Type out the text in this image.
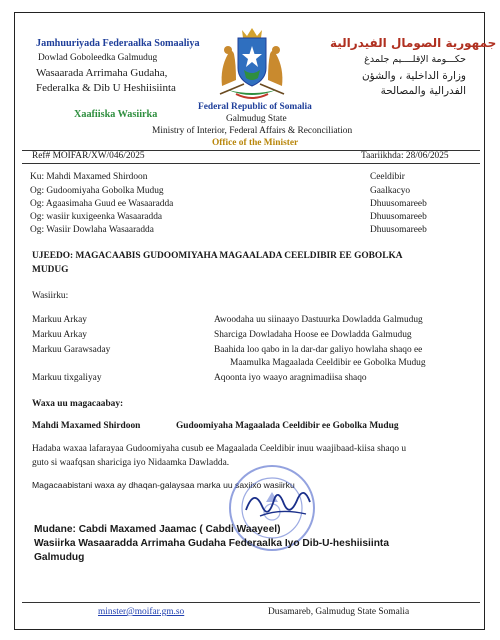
Jamhuuriyada Federaalka Somaaliya
Dowlad Goboleedka Galmudug
Wasaarada Arrimaha Gudaha,
Federalka & Dib U Heshiisiinta
Xaafiiska Wasiirka
جمهورية الصومال الفيدرالية
حكـــومة الإقلــــيم جلمدغ
وزارة الداخلية ، والشؤن
الفدرالية والمصالحة
Federal Republic of Somalia
Galmudug State
Ministry of Interior, Federal Affairs & Reconciliation
Office of the Minister
Ref# MOIFAR/XW/046/2025	Taariikhda: 28/06/2025
Ku: Mahdi Maxamed Shirdoon	Ceeldibir
Og: Gudoomiyaha Gobolka Mudug	Gaalkacyo
Og: Agaasimaha Guud ee Wasaaradda	Dhuusomareeb
Og: wasiir kuxigeenka Wasaaradda	Dhuusomareeb
Og: Wasiir Dowlaha Wasaaradda	Dhuusomareeb
UJEEDO: MAGACAABIS GUDOOMIYAHA MAGAALADA CEELDIBIR EE GOBOLKA
MUDUG
Wasiirku:
Markuu Arkay	Awoodaha uu siinaayo Dastuurka Dowladda Galmudug
Markuu Arkay	Sharciga Dowladaha Hoose ee Dowladda Galmudug
Markuu Garawsaday	Baahida loo qabo in la dar-dar galiyo howlaha shaqo ee
Maamulka Magaalada Ceeldibir ee Gobolka Mudug
Markuu tixgaliyay	Aqoonta iyo waayo aragnimadiisa shaqo
Waxa uu magacaabay:
Mahdi Maxamed Shirdoon	Gudoomiyaha Magaalada Ceeldibir ee Gobolka Mudug
Hadaba waxaa lafarayaa Gudoomiyaha cusub ee Magaalada Ceeldibir inuu waajibaad-kiisa shaqo u
guto si waafqsan shariciga iyo Nidaamka Dawladda.
Magacaabistani waxa ay dhaqan-galaysaa marka uu saxiixo wasiirku
Mudane: Cabdi Maxamed Jaamac ( Cabdi Waayeel)
Wasiirka Wasaaradda Arrimaha Gudaha Federaalka Iyo Dib-U-heshiisiinta
Galmudug
minster@moifar.gm.so	Dusamareb, Galmudug State Somalia
